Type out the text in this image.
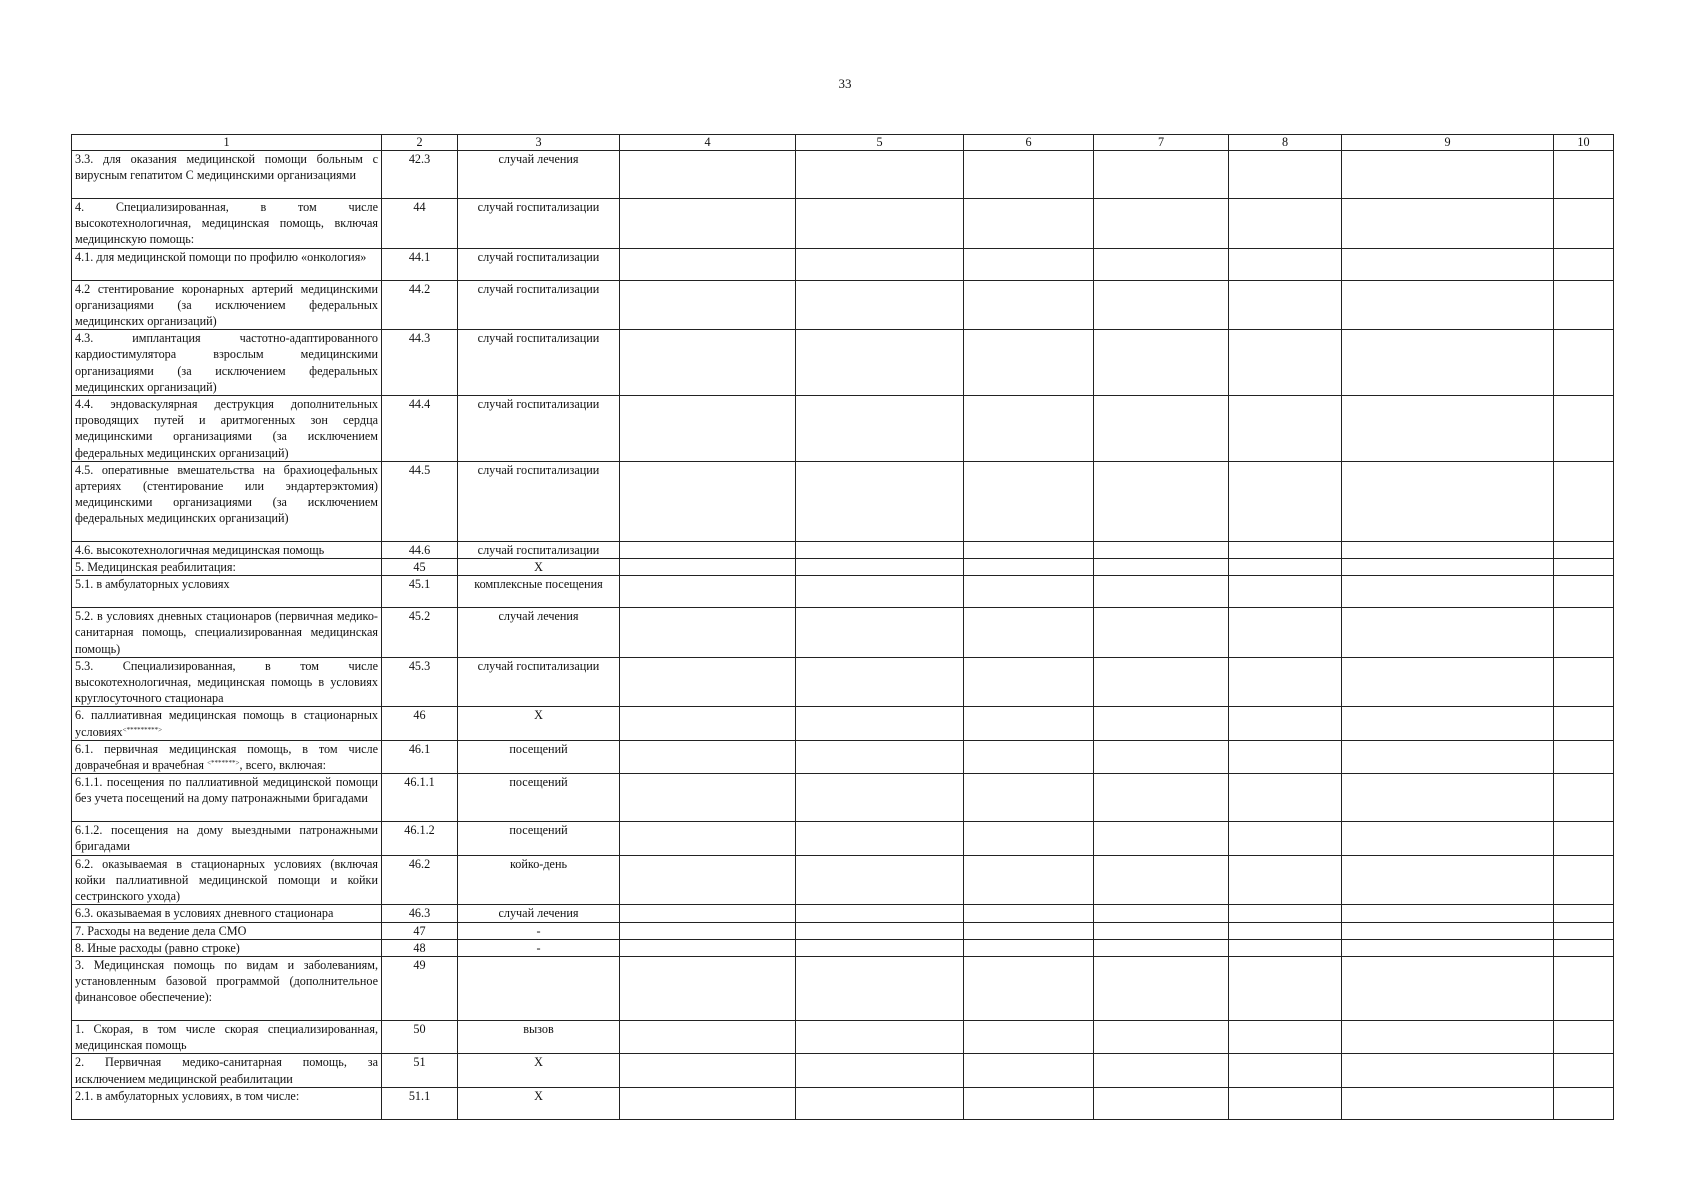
33
1	2	3	4	5	6	7	8	9	10
3.3. для оказания медицинской помощи больным с вирусным гепатитом С медицинскими организациями	42.3	случай лечения							
4. Специализированная, в том числе высокотехнологичная, медицинская помощь, включая медицинскую помощь:	44	случай госпитализации							
4.1. для медицинской помощи по профилю «онкология»	44.1	случай госпитализации							
4.2 стентирование коронарных артерий медицинскими организациями (за исключением федеральных медицинских организаций)	44.2	случай госпитализации							
4.3. имплантация частотно-адаптированного кардиостимулятора взрослым медицинскими организациями (за исключением федеральных медицинских организаций)	44.3	случай госпитализации							
4.4. эндоваскулярная деструкция дополнительных проводящих путей и аритмогенных зон сердца медицинскими организациями (за исключением федеральных медицинских организаций)	44.4	случай госпитализации							
4.5. оперативные вмешательства на брахиоцефальных артериях (стентирование или эндартерэктомия) медицинскими организациями (за исключением федеральных медицинских организаций)	44.5	случай госпитализации							
4.6. высокотехнологичная медицинская помощь	44.6	случай госпитализации							
5. Медицинская реабилитация:	45	Х							
5.1. в амбулаторных условиях	45.1	комплексные посещения							
5.2. в условиях дневных стационаров (первичная медико-санитарная помощь, специализированная медицинская помощь)	45.2	случай лечения							
5.3. Специализированная, в том числе высокотехнологичная, медицинская помощь в условиях круглосуточного стационара	45.3	случай госпитализации							
6. паллиативная медицинская помощь в стационарных условиях<*********>	46	Х							
6.1. первичная медицинская помощь, в том числе доврачебная и врачебная <*******>, всего, включая:	46.1	посещений							
6.1.1. посещения по паллиативной медицинской помощи без учета посещений на дому патронажными бригадами	46.1.1	посещений							
6.1.2. посещения на дому выездными патронажными бригадами	46.1.2	посещений							
6.2. оказываемая в стационарных условиях (включая койки паллиативной медицинской помощи и койки сестринского ухода)	46.2	койко-день							
6.3. оказываемая в условиях дневного стационара	46.3	случай лечения							
7. Расходы на ведение дела СМО	47	-							
8. Иные расходы (равно строке)	48	-							
3. Медицинская помощь по видам и заболеваниям, установленным базовой программой (дополнительное финансовое обеспечение):	49								
1. Скорая, в том числе скорая специализированная, медицинская помощь	50	вызов							
2. Первичная медико-санитарная помощь, за исключением медицинской реабилитации	51	Х							
2.1. в амбулаторных условиях, в том числе:	51.1	Х							
